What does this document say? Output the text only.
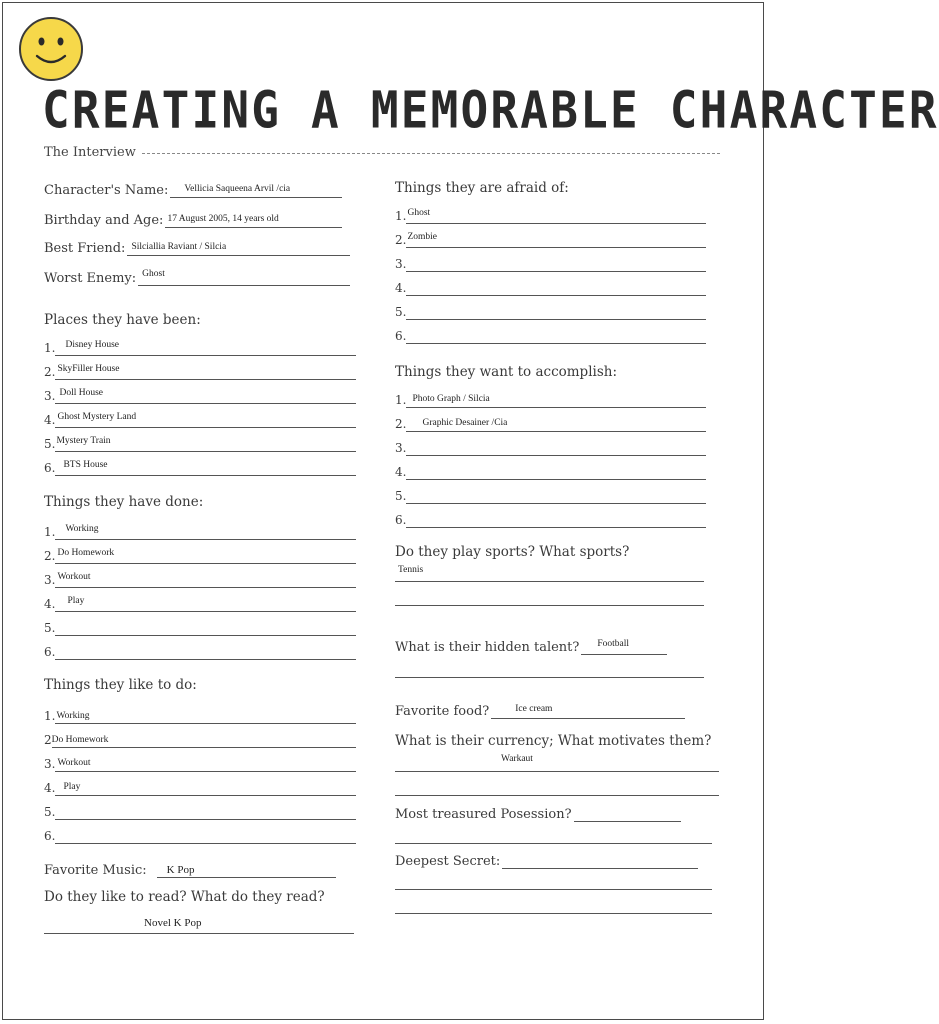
CREATING A MEMORABLE CHARACTER
The Interview
Character's Name: Vellicia Saqueena Arvil /cia
Birthday and Age: 17 August 2005, 14 years old
Best Friend: Silciallia Raviant / Silcia
Worst Enemy: Ghost
Places they have been:
1. Disney House
2. SkyFiller House
3. Doll House
4. Ghost Mystery Land
5. Mystery Train
6. BTS House
Things they have done:
1. Working
2. Do Homework
3. Workout
4. Play
5.
6.
Things they like to do:
1. Working
2 Do Homework
3. Workout
4. Play
5.
6.
Favorite Music: K Pop
Do they like to read? What do they read?
Novel K Pop
Things they are afraid of:
1. Ghost
2. Zombie
3.
4.
5.
6.
Things they want to accomplish:
1. Photo Graph / Silcia
2. Graphic Desainer /Cia
3.
4.
5.
6.
Do they play sports? What sports?
Tennis
What is their hidden talent? Football
Favorite food?	Ice cream
What is their currency; What motivates them?
Warkaut
Most treasured Posession?
Deepest Secret:
